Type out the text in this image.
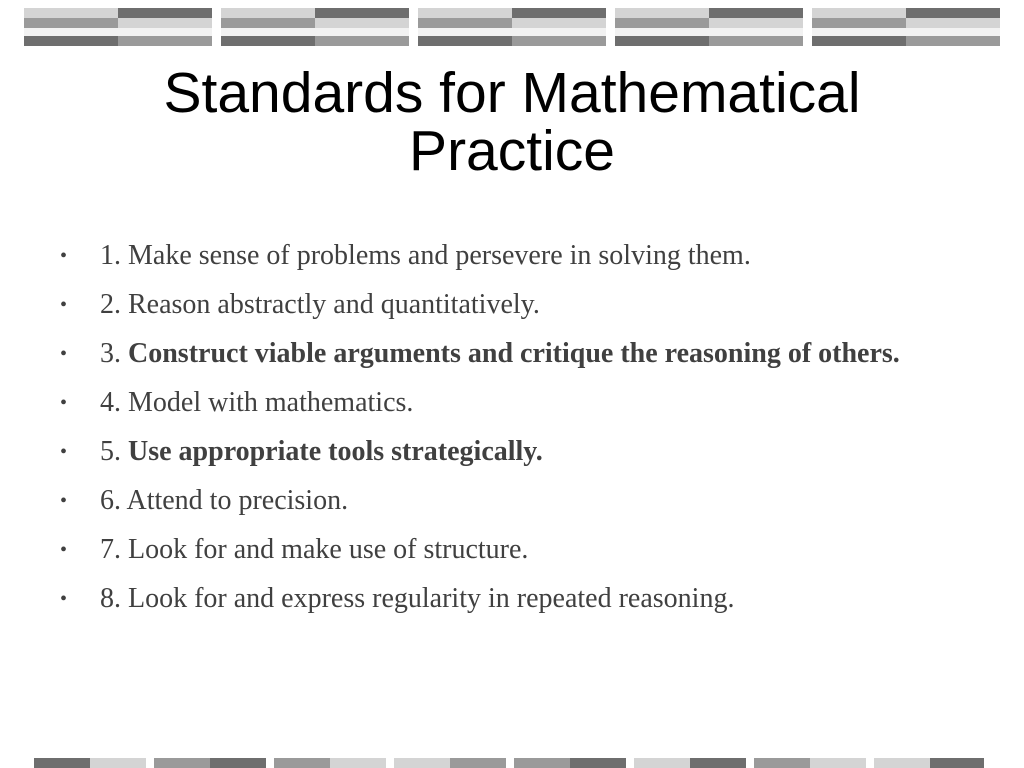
Standards for Mathematical Practice
• 1. Make sense of problems and persevere in solving them.
• 2. Reason abstractly and quantitatively.
• 3. Construct viable arguments and critique the reasoning of others.
• 4. Model with mathematics.
• 5. Use appropriate tools strategically.
• 6. Attend to precision.
• 7. Look for and make use of structure.
• 8. Look for and express regularity in repeated reasoning.
